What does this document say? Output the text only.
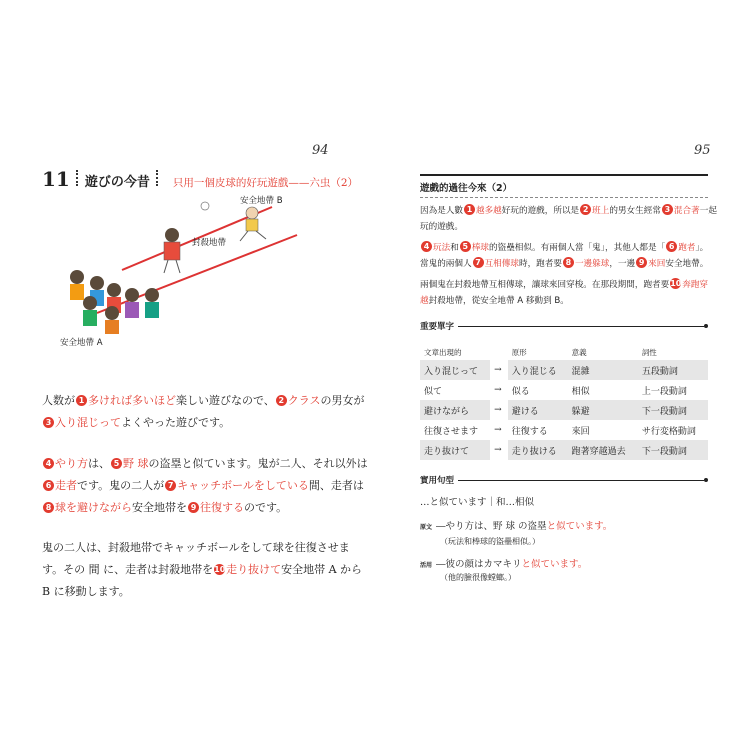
94
11 遊びの今昔 只用一個皮球的好玩遊戲——六虫（2）
安全地帶 B
封殺地帶
安全地帶 A

人数が 1 多ければ多いほど楽しい遊びなので、 2 クラスの男女が

3 入り混じってよくやった遊びです。

4 やり方は、 5 野 球の盗塁と似ています。鬼が二人、それ以外は

6 走者です。鬼の二人が 7 キャッチボールをしている間、走者は

8 球を避けながら安全地帯を 9 往復するのです。

鬼の二人は、封殺地帯でキャッチボールをして球を往復させま

す。その 間 に、走者は封殺地帯を10走り抜けて安全地帯 A から

B に移動します。

95
遊戲的過往今來（2）

因為是人數 1 越多越好玩的遊戲，所以是 2 班上的男女生經常 3 混合著一起

玩的遊戲。

4 玩法和 5 棒球的盜壘相似。有兩個人當「鬼」，其他人都是「 6 跑者」。

當鬼的兩個人 7 互相傳球時，跑者要 8 一邊躲球，一邊 9 來回安全地帶。

兩個鬼在封殺地帶互相傳球，讓球來回穿梭。在那段期間，跑者要10奔跑穿

越封殺地帶，從安全地帶 A 移動到 B。

重要單字
文章出現的		原形	意義	詞性
入り混じって	→	入り混じる	混雜	五段動詞
似て	→	似る	相似	上一段動詞
避けながら	→	避ける	躲避	下一段動詞
往復させます	→	往復する	來回	サ行変格動詞
走り抜けて	→	走り抜ける	跑著穿越過去	下一段動詞
實用句型
…と似ています｜和…相似
原文 ―やり方は、野 球 の盗塁と似ています。
（玩法和棒球的盜壘相似。）
活用 ―彼の顔はカマキリと似ています。
（他的臉很像螳螂。）
